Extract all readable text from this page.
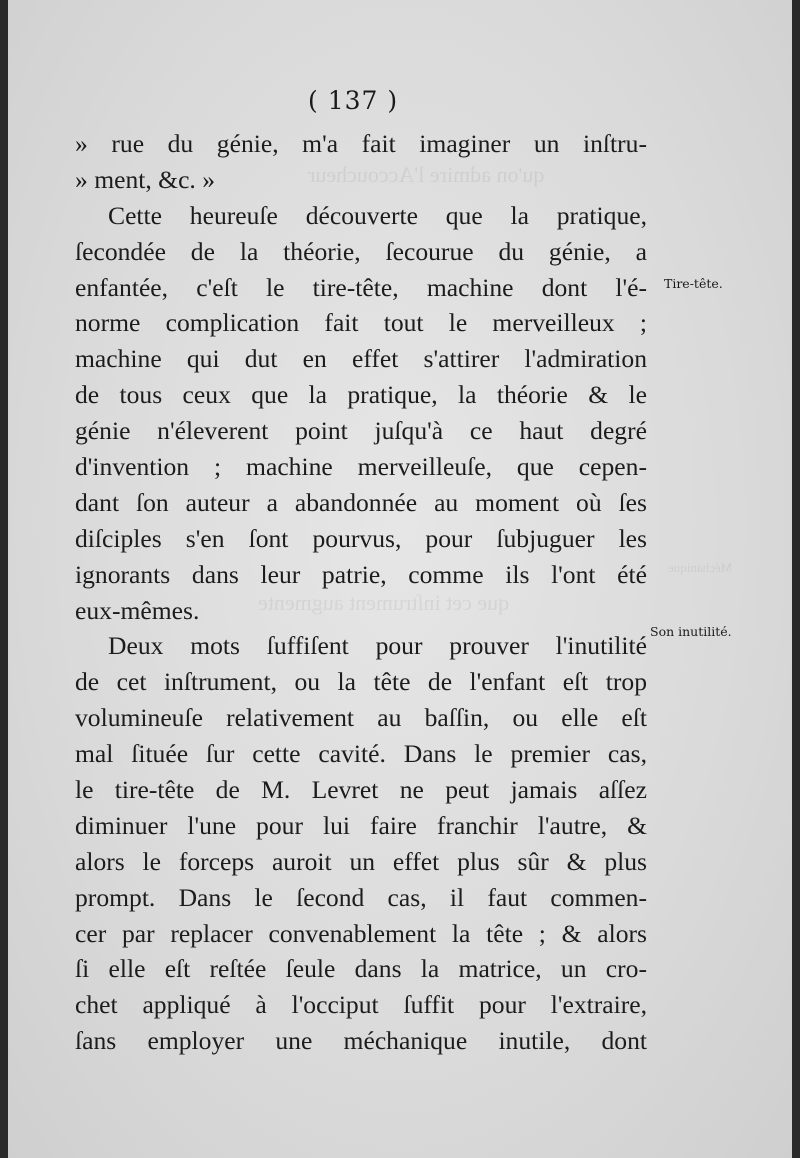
qu'on admire l'Accoucheur
que cet inſtrument augmente
Méchanique
( 137 )
» rue du génie, m'a fait imaginer un inſtru-
» ment, &c. »
Cette heureuſe découverte que la pratique,
ſecondée de la théorie, ſecourue du génie, a
enfantée, c'eſt le tire-tête, machine dont l'é-
norme complication fait tout le merveilleux ;
machine qui dut en effet s'attirer l'admiration
de tous ceux que la pratique, la théorie & le
génie n'éleverent point juſqu'à ce haut degré
d'invention ; machine merveilleuſe, que cepen-
dant ſon auteur a abandonnée au moment où ſes
diſciples s'en ſont pourvus, pour ſubjuguer les
ignorants dans leur patrie, comme ils l'ont été
eux-mêmes.
Deux mots ſuffiſent pour prouver l'inutilité
de cet inſtrument, ou la tête de l'enfant eſt trop
volumineuſe relativement au baſſin, ou elle eſt
mal ſituée ſur cette cavité. Dans le premier cas,
le tire-tête de M. Levret ne peut jamais aſſez
diminuer l'une pour lui faire franchir l'autre, &
alors le forceps auroit un effet plus sûr & plus
prompt. Dans le ſecond cas, il faut commen-
cer par replacer convenablement la tête ; & alors
ſi elle eſt reſtée ſeule dans la matrice, un cro-
chet appliqué à l'occiput ſuffit pour l'extraire,
ſans employer une méchanique inutile, dont
Tire-tête.
Son inutilité.
